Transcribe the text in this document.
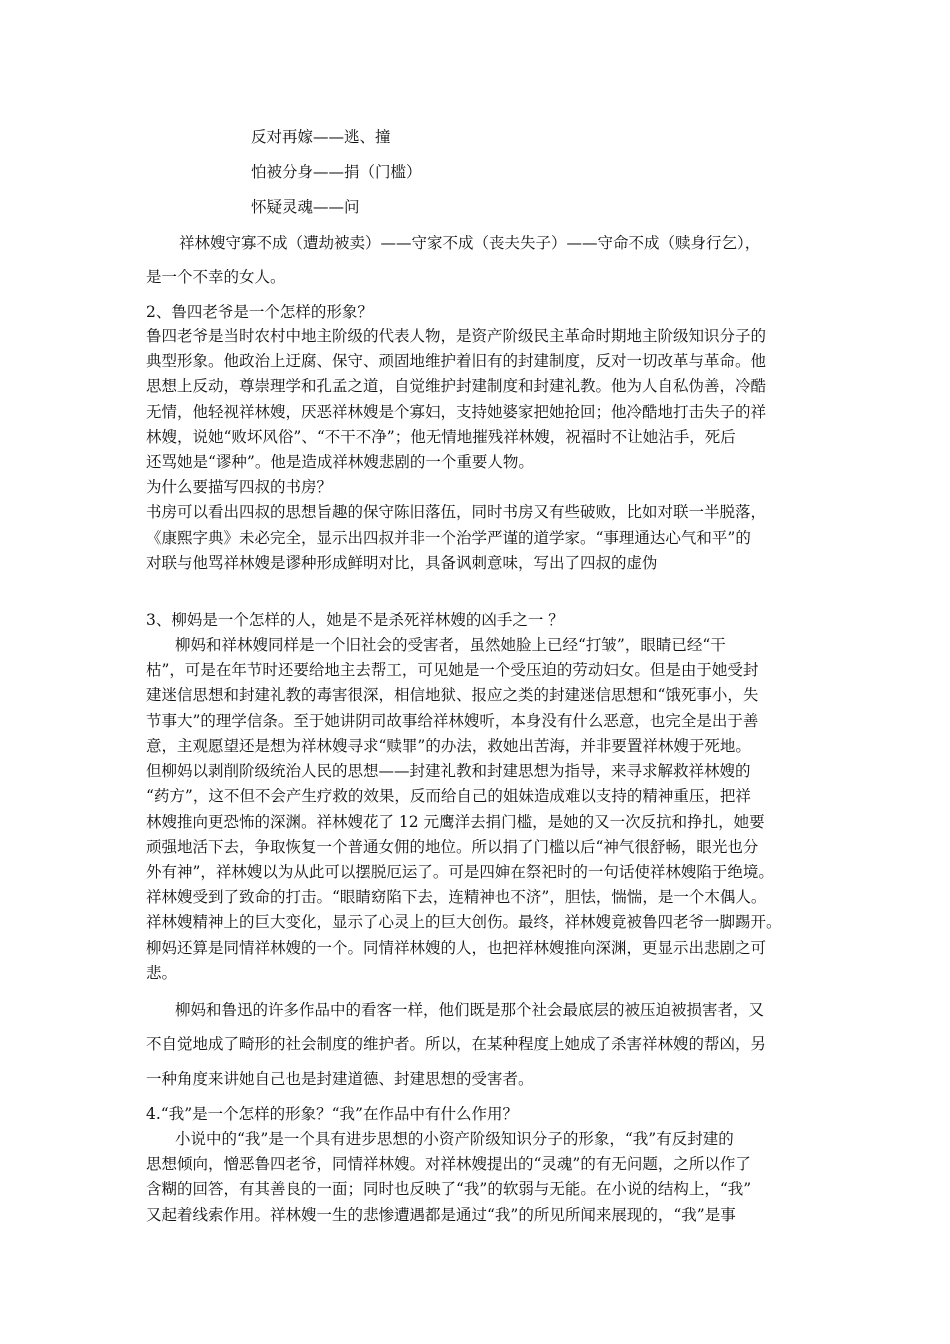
反对再嫁——逃、撞
怕被分身——捐（门槛）
怀疑灵魂——问
祥林嫂守寡不成（遭劫被卖）——守家不成（丧夫失子）——守命不成（赎身行乞），
是一个不幸的女人。
2、鲁四老爷是一个怎样的形象？
鲁四老爷是当时农村中地主阶级的代表人物，是资产阶级民主革命时期地主阶级知识分子的
典型形象。他政治上迂腐、保守、顽固地维护着旧有的封建制度，反对一切改革与革命。他
思想上反动，尊崇理学和孔孟之道，自觉维护封建制度和封建礼教。他为人自私伪善，冷酷
无情，他轻视祥林嫂，厌恶祥林嫂是个寡妇，支持她婆家把她抢回；他冷酷地打击失子的祥
林嫂，说她“败坏风俗”、“不干不净”；他无情地摧残祥林嫂，祝福时不让她沾手，死后
还骂她是“谬种”。他是造成祥林嫂悲剧的一个重要人物。
为什么要描写四叔的书房？
书房可以看出四叔的思想旨趣的保守陈旧落伍，同时书房又有些破败，比如对联一半脱落，
《康熙字典》未必完全，显示出四叔并非一个治学严谨的道学家。“事理通达心气和平”的
对联与他骂祥林嫂是谬种形成鲜明对比，具备讽刺意味，写出了四叔的虚伪
3、柳妈是一个怎样的人，她是不是杀死祥林嫂的凶手之一 ？
柳妈和祥林嫂同样是一个旧社会的受害者，虽然她脸上已经“打皱”，眼睛已经“干
枯”，可是在年节时还要给地主去帮工，可见她是一个受压迫的劳动妇女。但是由于她受封
建迷信思想和封建礼教的毒害很深，相信地狱、报应之类的封建迷信思想和“饿死事小，失
节事大”的理学信条。至于她讲阴司故事给祥林嫂听，本身没有什么恶意，也完全是出于善
意，主观愿望还是想为祥林嫂寻求“赎罪”的办法，救她出苦海，并非要置祥林嫂于死地。
但柳妈以剥削阶级统治人民的思想——封建礼教和封建思想为指导，来寻求解救祥林嫂的
“药方”，这不但不会产生疗救的效果，反而给自己的姐妹造成难以支持的精神重压，把祥
林嫂推向更恐怖的深渊。祥林嫂花了 12 元鹰洋去捐门槛，是她的又一次反抗和挣扎，她要
顽强地活下去，争取恢复一个普通女佣的地位。所以捐了门槛以后“神气很舒畅，眼光也分
外有神”，祥林嫂以为从此可以摆脱厄运了。可是四婶在祭祀时的一句话使祥林嫂陷于绝境。
祥林嫂受到了致命的打击。“眼睛窈陷下去，连精神也不济”，胆怯，惴惴，是一个木偶人。
祥林嫂精神上的巨大变化，显示了心灵上的巨大创伤。最终，祥林嫂竟被鲁四老爷一脚踢开。
柳妈还算是同情祥林嫂的一个。同情祥林嫂的人，也把祥林嫂推向深渊，更显示出悲剧之可
悲。
柳妈和鲁迅的许多作品中的看客一样，他们既是那个社会最底层的被压迫被损害者，又
不自觉地成了畸形的社会制度的维护者。所以，在某种程度上她成了杀害祥林嫂的帮凶，另
一种角度来讲她自己也是封建道德、封建思想的受害者。
4.“我”是一个怎样的形象？“我”在作品中有什么作用？
小说中的“我”是一个具有进步思想的小资产阶级知识分子的形象，“我”有反封建的
思想倾向，憎恶鲁四老爷，同情祥林嫂。对祥林嫂提出的“灵魂”的有无问题，之所以作了
含糊的回答，有其善良的一面；同时也反映了“我”的软弱与无能。在小说的结构上，“我”
又起着线索作用。祥林嫂一生的悲惨遭遇都是通过“我”的所见所闻来展现的，“我”是事
